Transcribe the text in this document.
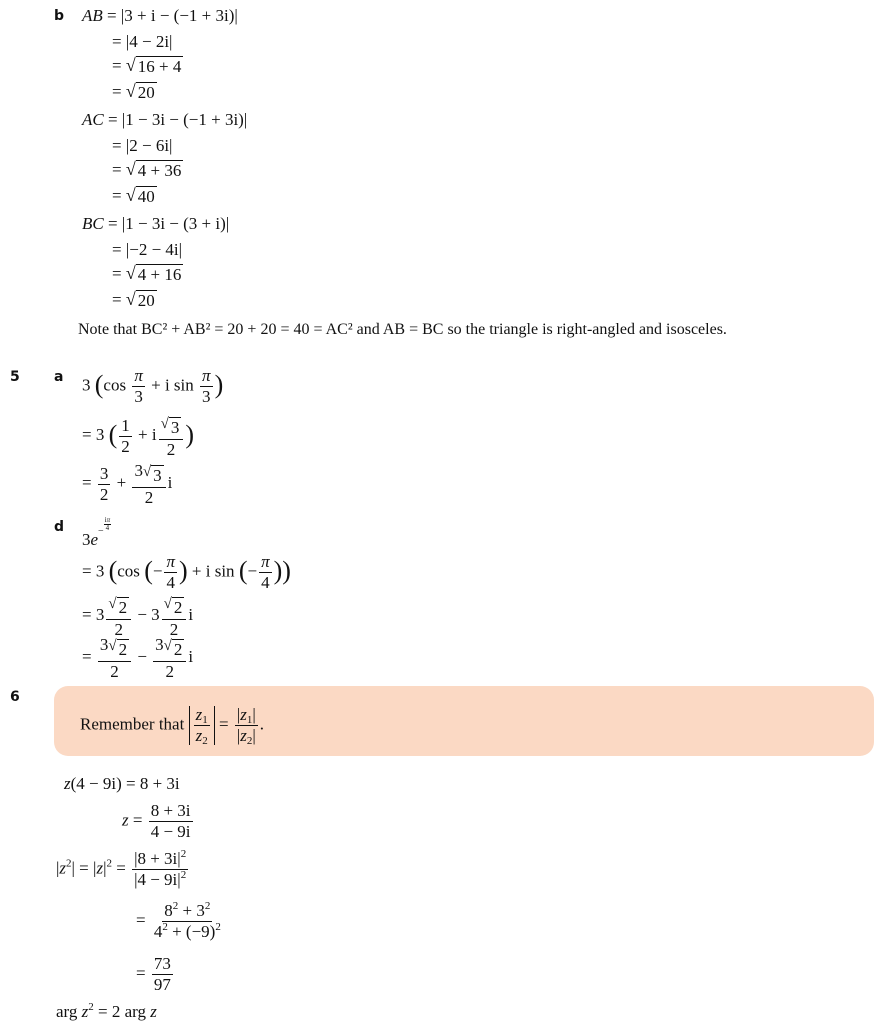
b AB = |3 + i − (−1 + 3i)|
= |4 − 2i|
= √ 16 + 4
= √ 20
AC = |1 − 3i − (−1 + 3i)|
= |2 − 6i|
= √ 4 + 36
= √ 40
BC = |1 − 3i − (3 + i)|
= |−2 − 4i|
= √ 4 + 16
= √ 20
Note that BC² + AB² = 20 + 20 = 40 = AC² and AB = BC so the triangle is right-angled and isosceles.
5 a 3 ($\cos \frac{\pi}{3} + i$ $\sin \frac{\pi}{3}$ )
= 3 ( $\frac{1}{2} + i \frac{√ 3}{2}$ )
= $\frac{3}{2} + \frac{3 √ 3}{2}$ i
d
$3e- \frac{i\pi}{4}$
= 3 (cos (− $\frac{\pi}{4}$ ) + i sin (− $\frac{\pi}{4}$ ))
= $3 \frac{√ 2}{2} - 3 \frac{√ 2}{2}$ i
= $\frac{3 √ 2}{2} - \frac{3 √ 2}{2}$ i
6
Remember that $\frac{z_1}{z_2} = \frac{|z_1|}{|z_2|}$ .
z(4 − 9i) = 8 + 3i
$z = \frac{8 + 3i}{4 - 9i}$
$|z^2| = |z|^2 = \frac{|8 + 3i|^2}{|4 - 9i|^2}$
= $\frac{8^2 + 3^2}{4^2 + (-9)^2}$
= $\frac{73}{97}$
arg $z^2 = 2$ arg z
